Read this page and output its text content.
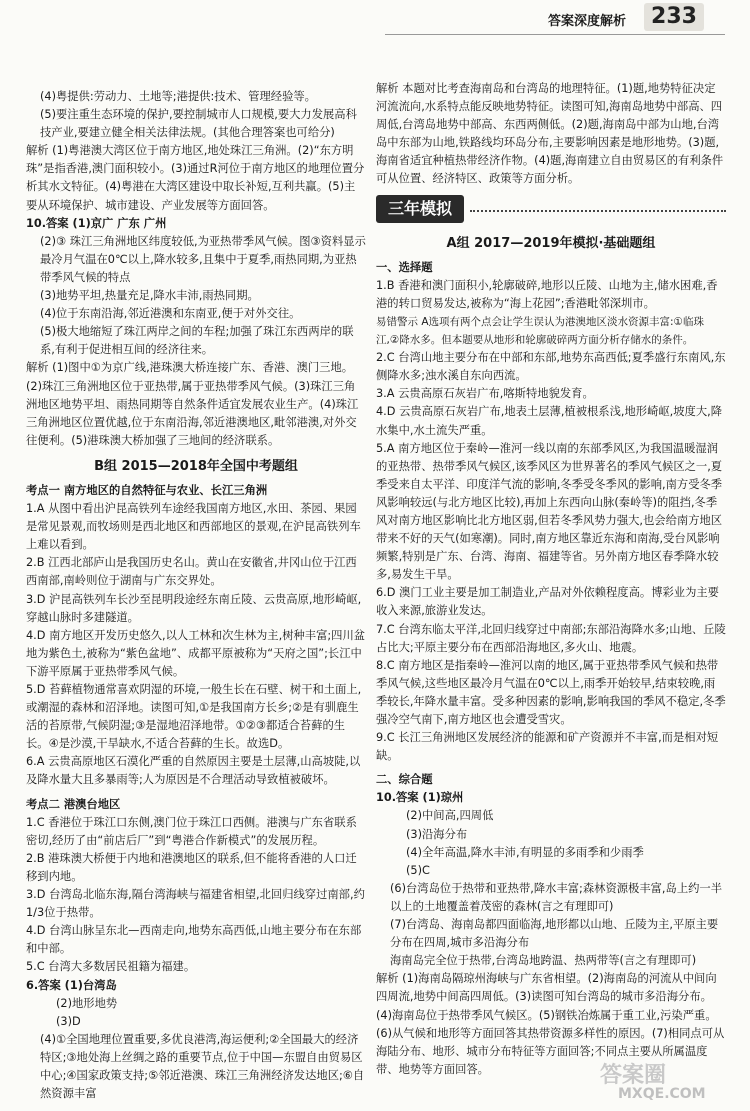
答案深度解析	233

(4)粤提供:劳动力、土地等;港提供:技术、管理经验等。

(5)要注重生态环境的保护,要控制城市人口规模,要大力发展高科技产业,要建立健全相关法律法规。(其他合理答案也可给分)

解析 (1)粤港澳大湾区位于南方地区,地处珠江三角洲。(2)“东方明珠”是指香港,澳门面积较小。(3)通过R河位于南方地区的地理位置分析其水文特征。(4)粤港在大湾区建设中取长补短,互利共赢。(5)主要从环境保护、城市建设、产业发展等方面回答。

10.答案 (1)京广 广东 广州

(2)③ 珠江三角洲地区纬度较低,为亚热带季风气候。图③资料显示最冷月气温在0℃以上,降水较多,且集中于夏季,雨热同期,为亚热带季风气候的特点

(3)地势平坦,热量充足,降水丰沛,雨热同期。

(4)位于东南沿海,邻近港澳和东南亚,便于对外交往。

(5)极大地缩短了珠江两岸之间的车程;加强了珠江东西两岸的联系,有利于促进相互间的经济往来。

解析 (1)图中①为京广线,港珠澳大桥连接广东、香港、澳门三地。(2)珠江三角洲地区位于亚热带,属于亚热带季风气候。(3)珠江三角洲地区地势平坦、雨热同期等自然条件适宜发展农业生产。(4)珠江三角洲地区位置优越,位于东南沿海,邻近港澳地区,毗邻港澳,对外交往便利。(5)港珠澳大桥加强了三地间的经济联系。

B组 2015—2018年全国中考题组
考点一 南方地区的自然特征与农业、长江三角洲

1.A 从图中看出沪昆高铁列车途经我国南方地区,水田、茶园、果园是常见景观,而牧场则是西北地区和西部地区的景观,在沪昆高铁列车上难以看到。

2.B 江西北部庐山是我国历史名山。黄山在安徽省,井冈山位于江西西南部,南岭则位于湖南与广东交界处。

3.D 沪昆高铁列车长沙至昆明段途经东南丘陵、云贵高原,地形崎岖,穿越山脉时多建隧道。

4.D 南方地区开发历史悠久,以人工林和次生林为主,树种丰富;四川盆地为紫色土,被称为“紫色盆地”、成都平原被称为“天府之国”;长江中下游平原属于亚热带季风气候。

5.D 苔藓植物通常喜欢阴湿的环境,一般生长在石壁、树干和土面上,或潮湿的森林和沼泽地。读图可知,①是我国南方长乡;②是有驯鹿生活的苔原带,气候阴湿;③是湿地沼泽地带。①②③都适合苔藓的生长。④是沙漠,干旱缺水,不适合苔藓的生长。故选D。

6.A 云贵高原地区石漠化严重的自然原因主要是土层薄,山高坡陡,以及降水量大且多暴雨等;人为原因是不合理活动导致植被破坏。

考点二 港澳台地区

1.C 香港位于珠江口东侧,澳门位于珠江口西侧。港澳与广东省联系密切,经历了由“前店后厂”到“粤港合作新模式”的发展历程。

2.B 港珠澳大桥便于内地和港澳地区的联系,但不能将香港的人口迁移到内地。

3.D 台湾岛北临东海,隔台湾海峡与福建省相望,北回归线穿过南部,约1/3位于热带。

4.D 台湾山脉呈东北—西南走向,地势东高西低,山地主要分布在东部和中部。

5.C 台湾大多数居民祖籍为福建。

6.答案 (1)台湾岛

(2)地形地势

(3)D

(4)①全国地理位置重要,多优良港湾,海运便利;②全国最大的经济特区;③地处海上丝绸之路的重要节点,位于中国—东盟自由贸易区中心;④国家政策支持;⑤邻近港澳、珠江三角洲经济发达地区;⑥自然资源丰富

解析 本题对比考查海南岛和台湾岛的地理特征。(1)题,地势特征决定河流流向,水系特点能反映地势特征。读图可知,海南岛地势中部高、四周低,台湾岛地势中部高、东西两侧低。(2)题,海南岛中部为山地,台湾岛中东部为山地,铁路线均环岛分布,主要影响因素是地形地势。(3)题,海南省适宜种植热带经济作物。(4)题,海南建立自由贸易区的有利条件可从位置、经济特区、政策等方面分析。

三年模拟
A组 2017—2019年模拟·基础题组
一、选择题

1.B 香港和澳门面积小,轮廓破碎,地形以丘陵、山地为主,储水困难,香港的转口贸易发达,被称为“海上花园”;香港毗邻深圳市。

易错警示 A选项有两个点会让学生误认为港澳地区淡水资源丰富:①临珠江,②降水多。但本题要从地形和轮廓破碎两方面分析存储水的条件。

2.C 台湾山地主要分布在中部和东部,地势东高西低;夏季盛行东南风,东侧降水多;浊水溪自东向西流。

3.A 云贵高原石灰岩广布,喀斯特地貌发育。

4.D 云贵高原石灰岩广布,地表土层薄,植被根系浅,地形崎岖,坡度大,降水集中,水土流失严重。

5.A 南方地区位于秦岭—淮河一线以南的东部季风区,为我国温暖湿润的亚热带、热带季风气候区,该季风区为世界著名的季风气候区之一,夏季受来自太平洋、印度洋气流的影响,冬季受冬季风的影响,南方受冬季风影响较远(与北方地区比较),再加上东西向山脉(秦岭等)的阻挡,冬季风对南方地区影响比北方地区弱,但若冬季风势力强大,也会给南方地区带来不好的天气(如寒潮)。同时,南方地区靠近东海和南海,受台风影响频繁,特别是广东、台湾、海南、福建等省。另外南方地区春季降水较多,易发生干旱。

6.D 澳门工业主要是加工制造业,产品对外依赖程度高。博彩业为主要收入来源,旅游业发达。

7.C 台湾东临太平洋,北回归线穿过中南部;东部沿海降水多;山地、丘陵占比大;平原主要分布在西部沿海地区,多火山、地震。

8.C 南方地区是指秦岭—淮河以南的地区,属于亚热带季风气候和热带季风气候,这些地区最冷月气温在0℃以上,雨季开始较早,结束较晚,雨季较长,年降水量丰富。受多种因素的影响,影响我国的季风不稳定,冬季强冷空气南下,南方地区也会遭受雪灾。

9.C 长江三角洲地区发展经济的能源和矿产资源并不丰富,而是相对短缺。

二、综合题

10.答案 (1)琼州

(2)中间高,四周低

(3)沿海分布

(4)全年高温,降水丰沛,有明显的多雨季和少雨季

(5)C

(6)台湾岛位于热带和亚热带,降水丰富;森林资源极丰富,岛上约一半以上的土地覆盖着茂密的森林(言之有理即可)

(7)台湾岛、海南岛都四面临海,地形都以山地、丘陵为主,平原主要分布在四周,城市多沿海分布

海南岛完全位于热带,台湾岛地跨温、热两带等(言之有理即可)

解析 (1)海南岛隔琼州海峡与广东省相望。(2)海南岛的河流从中间向四周流,地势中间高四周低。(3)读图可知台湾岛的城市多沿海分布。(4)海南岛位于热带季风气候区。(5)钢铁冶炼属于重工业,污染严重。(6)从气候和地形等方面回答其热带资源多样性的原因。(7)相同点可从海陆分布、地形、城市分布特征等方面回答;不同点主要从所属温度带、地势等方面回答。	答案圈
MXQE.COM
